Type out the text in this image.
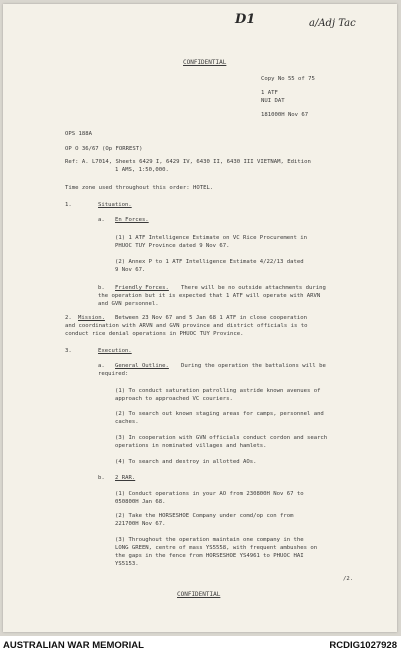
D1	a/Adj Tac
CONFIDENTIAL
Copy No 55 of 75
1 ATF
NUI DAT
181000H Nov 67
OPS 188A
OP O 36/67 (Op FORREST)
Ref: A. L7014, Sheets 6429 I, 6429 IV, 6430 II, 6430 III VIETNAM, Edition
1 AMS, 1:50,000.
Time zone used throughout this order: HOTEL.
1.	Situation.
a. En Forces.
(1) 1 ATF Intelligence Estimate on VC Rice Procurement in
PHUOC TUY Province dated 9 Nov 67.
(2) Annex P to 1 ATF Intelligence Estimate 4/22/13 dated
9 Nov 67.
b. Friendly Forces. There will be no outside attachments during
the operation but it is expected that 1 ATF will operate with ARVN
and GVN personnel.
2. Mission. Between 23 Nov 67 and 5 Jan 68 1 ATF in close cooperation
and coordination with ARVN and GVN province and district officials is to
conduct rice denial operations in PHUOC TUY Province.
3.	Execution.
a. General Outline. During the operation the battalions will be
required:
(1) To conduct saturation patrolling astride known avenues of
approach to approached VC couriers.
(2) To search out known staging areas for camps, personnel and
caches.
(3) In cooperation with GVN officials conduct cordon and search
operations in nominated villages and hamlets.
(4) To search and destroy in allotted AOs.
b. 2 RAR.
(1) Conduct operations in your AO from 230800H Nov 67 to
050800H Jan 68.
(2) Take the HORSESHOE Company under comd/op con from
221700H Nov 67.
(3) Throughout the operation maintain one company in the
LONG GREEN, centre of mass YS5558, with frequent ambushes on
the gaps in the fence from HORSESHOE YS4961 to PHUOC HAI
YS5153.
/2.
CONFIDENTIAL
AUSTRALIAN WAR MEMORIAL	RCDIG1027928
